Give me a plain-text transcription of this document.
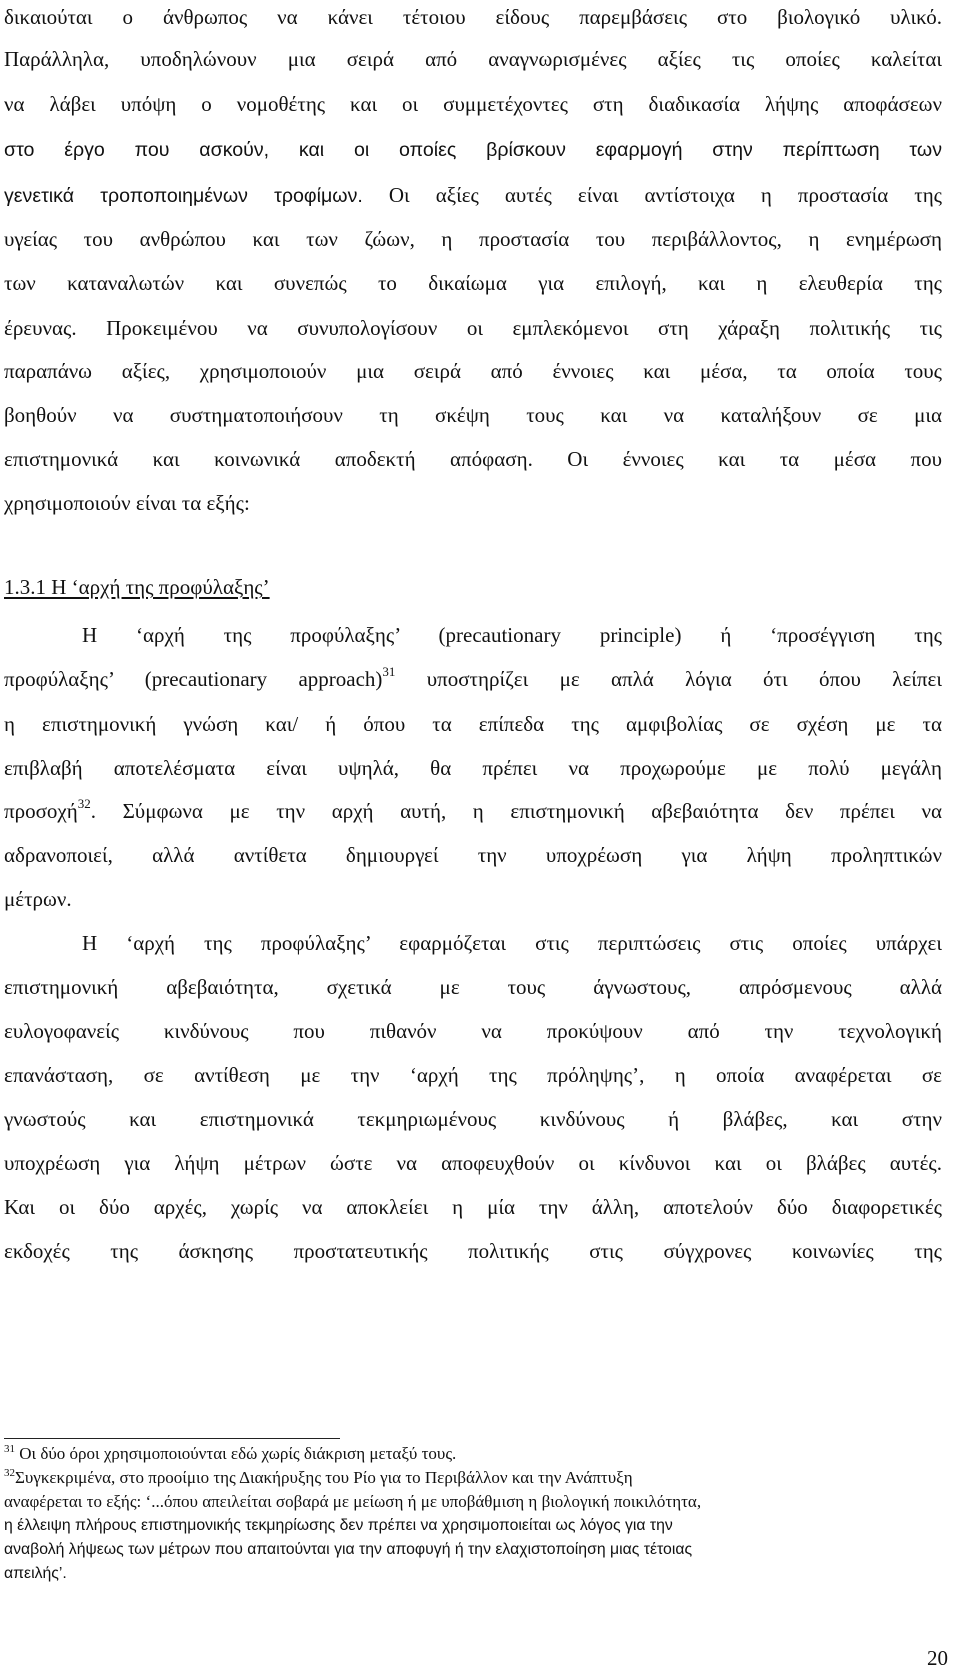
δικαιούται ο άνθρωπος να κάνει τέτοιου είδους παρεμβάσεις στο βιολογικό υλικό.
Παράλληλα, υποδηλώνουν μια σειρά από αναγνωρισμένες αξίες τις οποίες καλείται
να λάβει υπόψη ο νομοθέτης και οι συμμετέχοντες στη διαδικασία λήψης αποφάσεων
στο έργο που ασκούν, και οι οποίες βρίσκουν εφαρμογή στην περίπτωση των
γενετικά τροποποιημένων τροφίμων. Οι αξίες αυτές είναι αντίστοιχα η προστασία της
υγείας του ανθρώπου και των ζώων, η προστασία του περιβάλλοντος, η ενημέρωση
των καταναλωτών και συνεπώς το δικαίωμα για επιλογή, και η ελευθερία της
έρευνας. Προκειμένου να συνυπολογίσουν οι εμπλεκόμενοι στη χάραξη πολιτικής τις
παραπάνω αξίες, χρησιμοποιούν μια σειρά από έννοιες και μέσα, τα οποία τους
βοηθούν να συστηματοποιήσουν τη σκέψη τους και να καταλήξουν σε μια
επιστημονικά και κοινωνικά αποδεκτή απόφαση. Οι έννοιες και τα μέσα που
χρησιμοποιούν είναι τα εξής:
1.3.1 Η ‘αρχή της προφύλαξης’
Η ‘αρχή της προφύλαξης’ (precautionary principle) ή ‘προσέγγιση της
προφύλαξης’ (precautionary approach)$^{31}$ υποστηρίζει με απλά λόγια ότι όπου λείπει
η επιστημονική γνώση και/ ή όπου τα επίπεδα της αμφιβολίας σε σχέση με τα
επιβλαβή αποτελέσματα είναι υψηλά, θα πρέπει να προχωρούμε με πολύ μεγάλη
προσοχή$^{32}$. Σύμφωνα με την αρχή αυτή, η επιστημονική αβεβαιότητα δεν πρέπει να
αδρανοποιεί, αλλά αντίθετα δημιουργεί την υποχρέωση για λήψη προληπτικών
μέτρων.
Η ‘αρχή της προφύλαξης’ εφαρμόζεται στις περιπτώσεις στις οποίες υπάρχει
επιστημονική αβεβαιότητα, σχετικά με τους άγνωστους, απρόσμενους αλλά
ευλογοφανείς κινδύνους που πιθανόν να προκύψουν από την τεχνολογική
επανάσταση, σε αντίθεση με την ‘αρχή της πρόληψης’, η οποία αναφέρεται σε
γνωστούς και επιστημονικά τεκμηριωμένους κινδύνους ή βλάβες, και στην
υποχρέωση για λήψη μέτρων ώστε να αποφευχθούν οι κίνδυνοι και οι βλάβες αυτές.
Και οι δύο αρχές, χωρίς να αποκλείει η μία την άλλη, αποτελούν δύο διαφορετικές
εκδοχές της άσκησης προστατευτικής πολιτικής στις σύγχρονες κοινωνίες της
$^{31}$ Οι δύο όροι χρησιμοποιούνται εδώ χωρίς διάκριση μεταξύ τους.
$^{32}$Συγκεκριμένα, στο προοίμιο της Διακήρυξης του Ρίο για το Περιβάλλον και την Ανάπτυξη
αναφέρεται το εξής: ‘...όπου απειλείται σοβαρά με μείωση ή με υποβάθμιση η βιολογική ποικιλότητα,
η έλλειψη πλήρους επιστημονικής τεκμηρίωσης δεν πρέπει να χρησιμοποιείται ως λόγος για την
αναβολή λήψεως των μέτρων που απαιτούνται για την αποφυγή ή την ελαχιστοποίηση μιας τέτοιας
απειλής’.
20
